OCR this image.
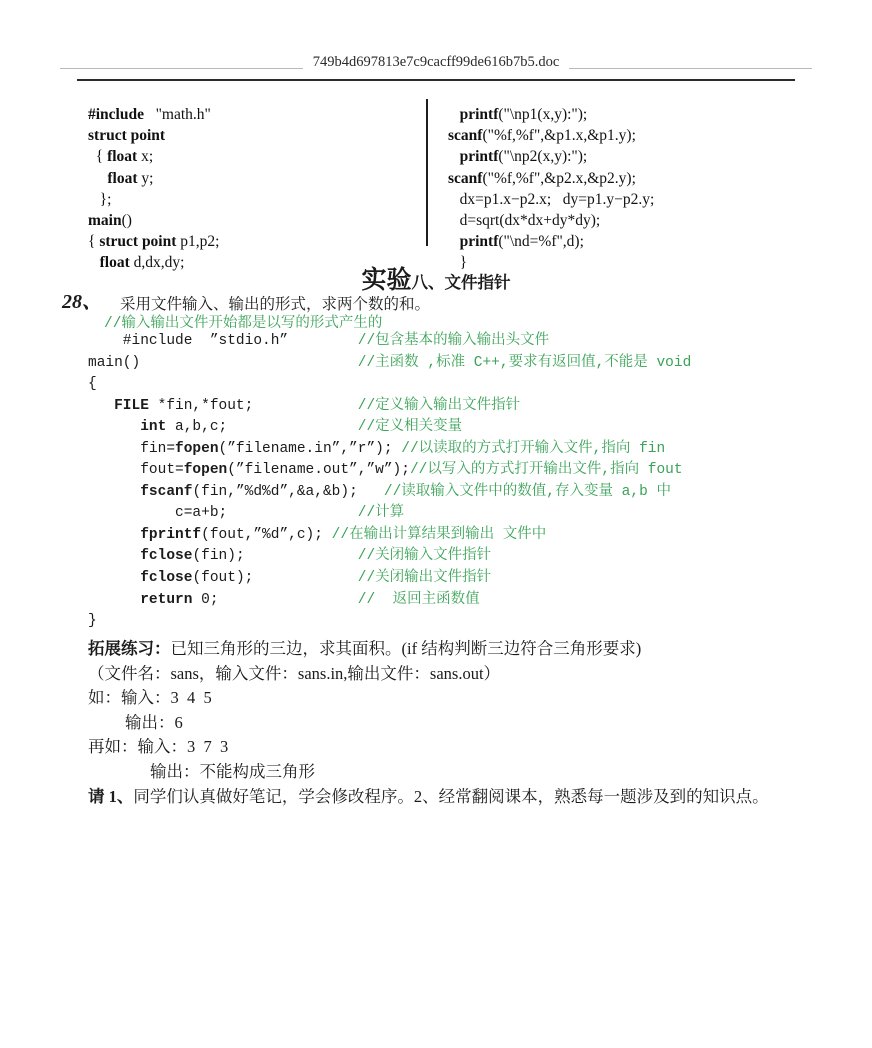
749b4d697813e7c9cacff99de616b7b5.doc
#include   "math.h"
struct point
{ float x;
float y;
};
main()
{ struct point p1,p2;
float d,dx,dy;
printf("\np1(x,y):");
scanf("%f,%f",&p1.x,&p1.y);
printf("\np2(x,y):");
scanf("%f,%f",&p2.x,&p2.y);
dx=p1.x−p2.x;   dy=p1.y−p2.y;
d=sqrt(dx*dx+dy*dy);
printf("\nd=%f",d);
}
实验八、文件指针
28、 采用文件输入、输出的形式，求两个数的和。
//输入输出文件开始都是以写的形式产生的
#include  ”stdio.h”	//包含基本的输入输出头文件
main()	//主函数 ,标准 C++,要求有返回值,不能是 void
{
FILE *fin,*fout;	//定义输入输出文件指针
int a,b,c;	//定义相关变量
fin=fopen(”filename.in”,”r”); //以读取的方式打开输入文件,指向 fin
fout=fopen(”filename.out”,”w”);//以写入的方式打开输出文件,指向 fout
fscanf(fin,”%d%d”,&a,&b); //读取输入文件中的数值,存入变量 a,b 中
c=a+b;	//计算
fprintf(fout,”%d”,c); //在输出计算结果到输出 文件中
fclose(fin);	//关闭输入文件指针
fclose(fout);	//关闭输出文件指针
return 0;	//  返回主函数值
}
拓展练习：已知三角形的三边，求其面积。(if 结构判断三边符合三角形要求)
（文件名：sans，输入文件：sans.in,输出文件：sans.out）
如：输入：3  4  5
输出：6
再如：输入：3  7  3
输出：不能构成三角形
请 1、同学们认真做好笔记，学会修改程序。2、经常翻阅课本，熟悉每一题涉及到的知识点。
